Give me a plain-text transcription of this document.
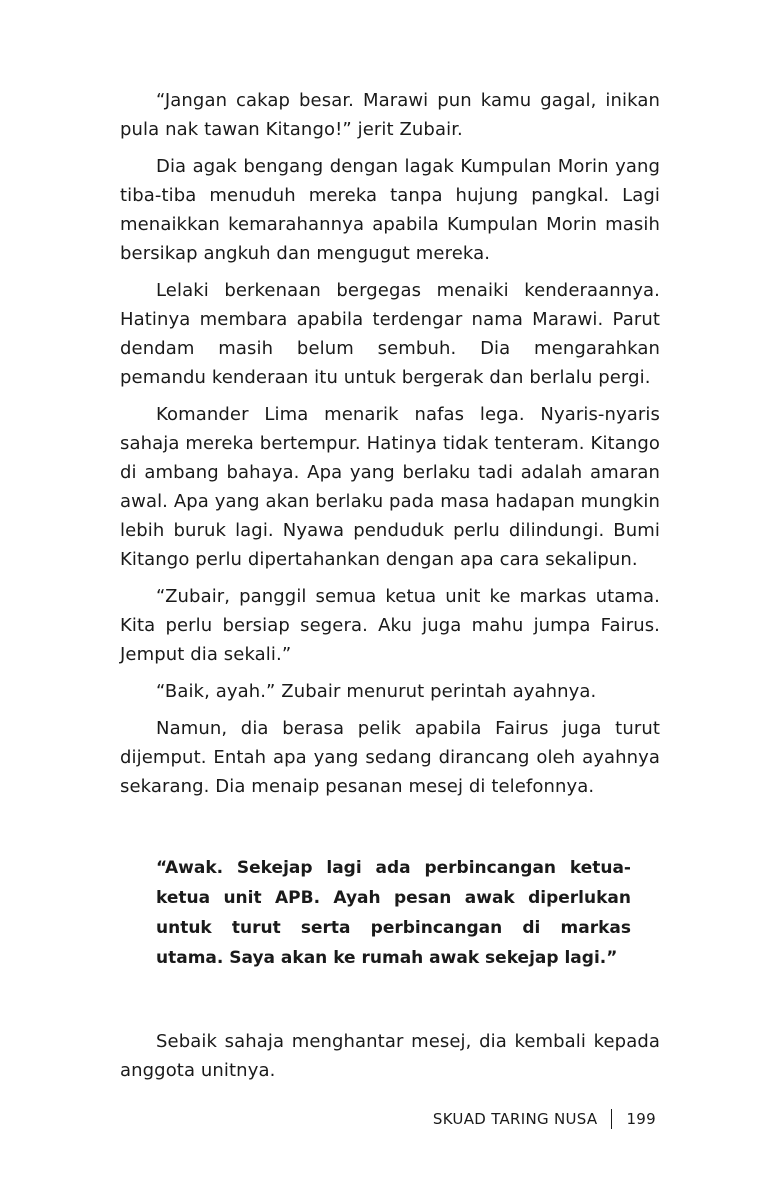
“Jangan cakap besar. Marawi pun kamu gagal, inikan pula nak tawan Kitango!” jerit Zubair.

Dia agak bengang dengan lagak Kumpulan Morin yang tiba-tiba menuduh mereka tanpa hujung pangkal. Lagi menaikkan kemarahannya apabila Kumpulan Morin masih bersikap angkuh dan mengugut mereka.

Lelaki berkenaan bergegas menaiki kenderaannya. Hatinya membara apabila terdengar nama Marawi. Parut dendam masih belum sembuh. Dia mengarahkan pemandu kenderaan itu untuk bergerak dan berlalu pergi.

Komander Lima menarik nafas lega. Nyaris-nyaris sahaja mereka bertempur. Hatinya tidak tenteram. Kitango di ambang bahaya. Apa yang berlaku tadi adalah amaran awal. Apa yang akan berlaku pada masa hadapan mungkin lebih buruk lagi. Nyawa penduduk perlu dilindungi. Bumi Kitango perlu dipertahankan dengan apa cara sekalipun.

“Zubair, panggil semua ketua unit ke markas utama. Kita perlu bersiap segera. Aku juga mahu jumpa Fairus. Jemput dia sekali.”

“Baik, ayah.” Zubair menurut perintah ayahnya.

Namun, dia berasa pelik apabila Fairus juga turut dijemput. Entah apa yang sedang dirancang oleh ayahnya sekarang. Dia menaip pesanan mesej di telefonnya.

“Awak. Sekejap lagi ada perbincangan ketua-ketua unit APB. Ayah pesan awak diperlukan untuk turut serta perbincangan di markas utama. Saya akan ke rumah awak sekejap lagi.”

Sebaik sahaja menghantar mesej, dia kembali kepada anggota unitnya.

SKUAD TARING NUSA 199
